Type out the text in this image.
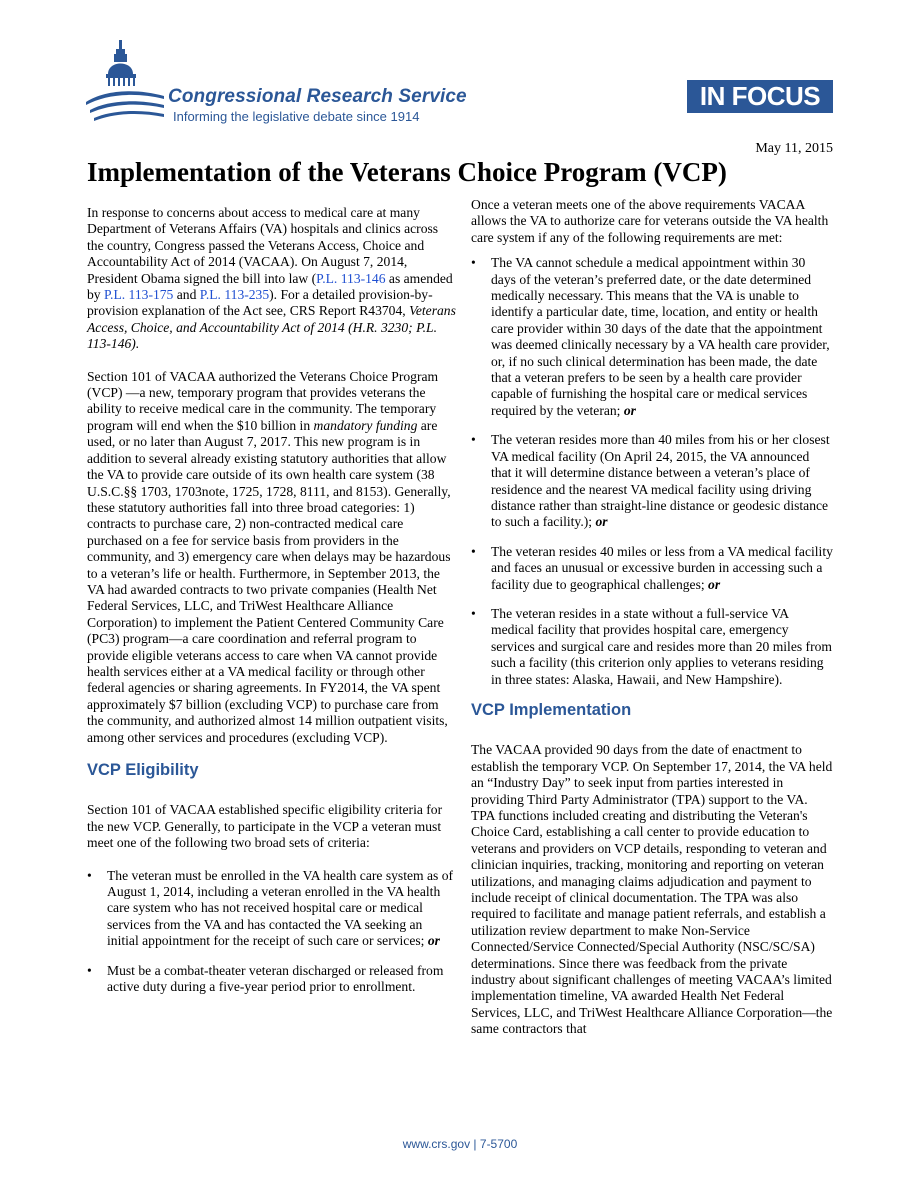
Congressional Research Service
Informing the legislative debate since 1914
IN FOCUS
May 11, 2015
Implementation of the Veterans Choice Program (VCP)

In response to concerns about access to medical care at many Department of Veterans Affairs (VA) hospitals and clinics across the country, Congress passed the Veterans Access, Choice and Accountability Act of 2014 (VACAA). On August 7, 2014, President Obama signed the bill into law (P.L. 113-146 as amended by P.L. 113-175 and P.L. 113-235). For a detailed provision-by-provision explanation of the Act see, CRS Report R43704, Veterans Access, Choice, and Accountability Act of 2014 (H.R. 3230; P.L. 113-146).

Section 101 of VACAA authorized the Veterans Choice Program (VCP) —a new, temporary program that provides veterans the ability to receive medical care in the community. The temporary program will end when the $10 billion in mandatory funding are used, or no later than August 7, 2017. This new program is in addition to several already existing statutory authorities that allow the VA to provide care outside of its own health care system (38 U.S.C.§§ 1703, 1703note, 1725, 1728, 8111, and 8153). Generally, these statutory authorities fall into three broad categories: 1) contracts to purchase care, 2) non-contracted medical care purchased on a fee for service basis from providers in the community, and 3) emergency care when delays may be hazardous to a veteran’s life or health. Furthermore, in September 2013, the VA had awarded contracts to two private companies (Health Net Federal Services, LLC, and TriWest Healthcare Alliance Corporation) to implement the Patient Centered Community Care (PC3) program—a care coordination and referral program to provide eligible veterans access to care when VA cannot provide health services either at a VA medical facility or through other federal agencies or sharing agreements. In FY2014, the VA spent approximately $7 billion (excluding VCP) to purchase care from the community, and authorized almost 14 million outpatient visits, among other services and procedures (excluding VCP).

VCP Eligibility

Section 101 of VACAA established specific eligibility criteria for the new VCP. Generally, to participate in the VCP a veteran must meet one of the following two broad sets of criteria:

• The veteran must be enrolled in the VA health care system as of August 1, 2014, including a veteran enrolled in the VA health care system who has not received hospital care or medical services from the VA and has contacted the VA seeking an initial appointment for the receipt of such care or services; or
• Must be a combat-theater veteran discharged or released from active duty during a five-year period prior to enrollment.

Once a veteran meets one of the above requirements VACAA allows the VA to authorize care for veterans outside the VA health care system if any of the following requirements are met:

• The VA cannot schedule a medical appointment within 30 days of the veteran’s preferred date, or the date determined medically necessary. This means that the VA is unable to identify a particular date, time, location, and entity or health care provider within 30 days of the date that the appointment was deemed clinically necessary by a VA health care provider, or, if no such clinical determination has been made, the date that a veteran prefers to be seen by a health care provider capable of furnishing the hospital care or medical services required by the veteran; or
• The veteran resides more than 40 miles from his or her closest VA medical facility (On April 24, 2015, the VA announced that it will determine distance between a veteran’s place of residence and the nearest VA medical facility using driving distance rather than straight-line distance or geodesic distance to such a facility.); or
• The veteran resides 40 miles or less from a VA medical facility and faces an unusual or excessive burden in accessing such a facility due to geographical challenges; or
• The veteran resides in a state without a full-service VA medical facility that provides hospital care, emergency services and surgical care and resides more than 20 miles from such a facility (this criterion only applies to veterans residing in three states: Alaska, Hawaii, and New Hampshire).
VCP Implementation

The VACAA provided 90 days from the date of enactment to establish the temporary VCP. On September 17, 2014, the VA held an “Industry Day” to seek input from parties interested in providing Third Party Administrator (TPA) support to the VA. TPA functions included creating and distributing the Veteran's Choice Card, establishing a call center to provide education to veterans and providers on VCP details, responding to veteran and clinician inquiries, tracking, monitoring and reporting on veteran utilizations, and managing claims adjudication and payment to include receipt of clinical documentation. The TPA was also required to facilitate and manage patient referrals, and establish a utilization review department to make Non-Service Connected/Service Connected/Special Authority (NSC/SC/SA) determinations. Since there was feedback from the private industry about significant challenges of meeting VACAA’s limited implementation timeline, VA awarded Health Net Federal Services, LLC, and TriWest Healthcare Alliance Corporation—the same contractors that

www.crs.gov | 7-5700
